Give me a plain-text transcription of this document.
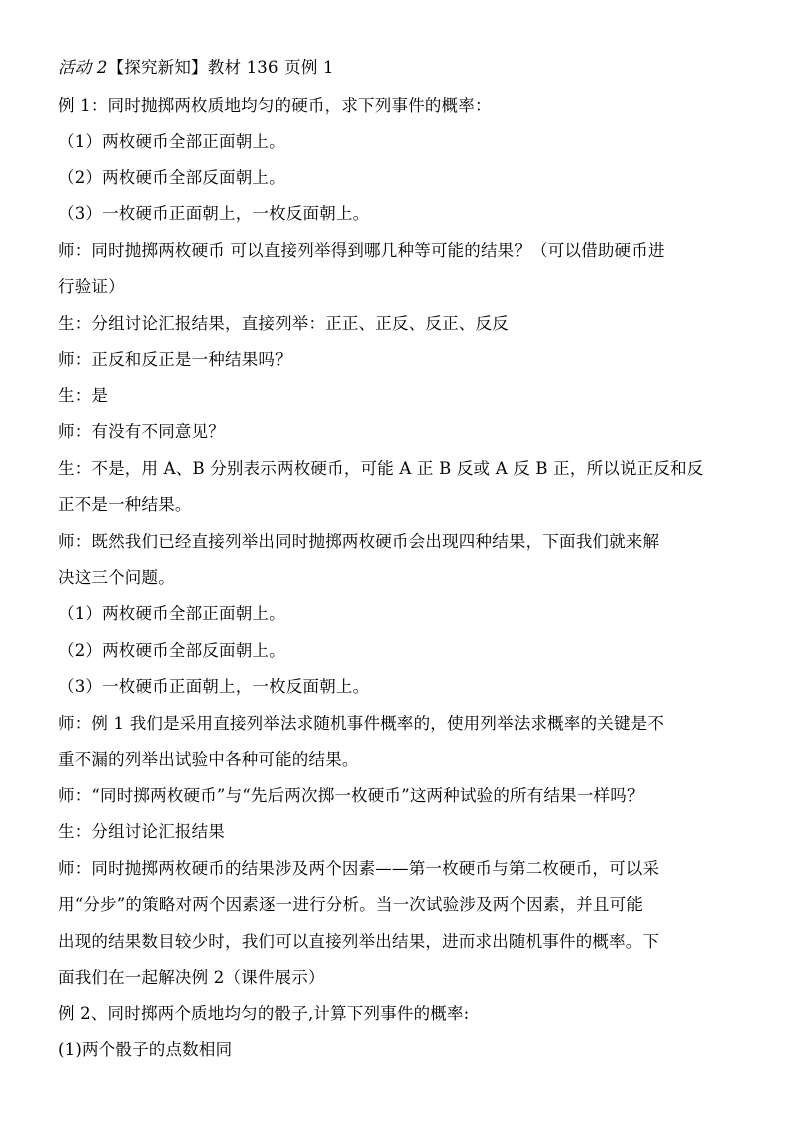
活动 2【探究新知】教材 136 页例 1
例 1：同时抛掷两枚质地均匀的硬币，求下列事件的概率：
（1）两枚硬币全部正面朝上。
（2）两枚硬币全部反面朝上。
（3）一枚硬币正面朝上，一枚反面朝上。
师：同时抛掷两枚硬币 可以直接列举得到哪几种等可能的结果？（可以借助硬币进
行验证）
生：分组讨论汇报结果，直接列举：正正、正反、反正、反反
师：正反和反正是一种结果吗？
生：是
师：有没有不同意见？
生：不是，用 A、B 分别表示两枚硬币，可能 A 正 B 反或 A 反 B 正，所以说正反和反
正不是一种结果。
师：既然我们已经直接列举出同时抛掷两枚硬币会出现四种结果，下面我们就来解
决这三个问题。
（1）两枚硬币全部正面朝上。
（2）两枚硬币全部反面朝上。
（3）一枚硬币正面朝上，一枚反面朝上。
师：例 1 我们是采用直接列举法求随机事件概率的，使用列举法求概率的关键是不
重不漏的列举出试验中各种可能的结果。
师：“同时掷两枚硬币”与“先后两次掷一枚硬币”这两种试验的所有结果一样吗？
生：分组讨论汇报结果
师：同时抛掷两枚硬币的结果涉及两个因素——第一枚硬币与第二枚硬币，可以采
用“分步”的策略对两个因素逐一进行分析。当一次试验涉及两个因素，并且可能
出现的结果数目较少时，我们可以直接列举出结果，进而求出随机事件的概率。下
面我们在一起解决例 2（课件展示）
例 2、同时掷两个质地均匀的骰子,计算下列事件的概率:
(1)两个骰子的点数相同
